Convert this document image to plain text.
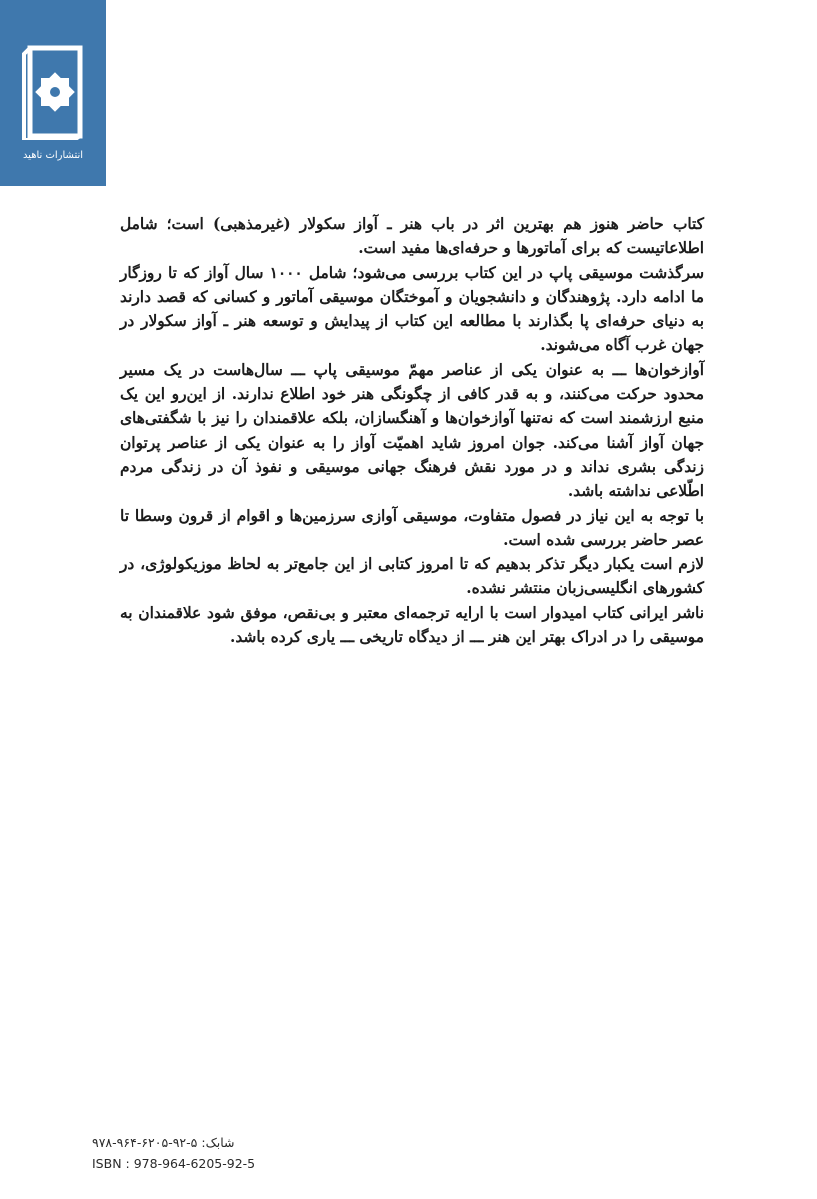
انتشارات ناهید

کتاب حاضر هنوز هم بهترین اثر در باب هنر ـ آواز سکولار (غیرمذهبی) است؛ شامل اطلاعاتیست که برای آماتورها و حرفه‌ای‌ها مفید است.

سرگذشت موسیقی پاپ در این کتاب بررسی می‌شود؛ شامل ۱۰۰۰ سال آواز که تا روزگار ما ادامه دارد. پژوهندگان و دانشجویان و آموختگان موسیقی آماتور و کسانی که قصد دارند به دنیای حرفه‌ای پا بگذارند با مطالعه این کتاب از پیدایش و توسعه هنر ـ آواز سکولار در جهان غرب آگاه می‌شوند.

آوازخوان‌ها ـــ به عنوان یکی از عناصر مهمّ موسیقی پاپ ـــ سال‌هاست در یک مسیر محدود حرکت می‌کنند، و به قدر کافی از چگونگی هنر خود اطلاع ندارند. از این‌رو این یک منبع ارزشمند است که نه‌تنها آوازخوان‌ها و آهنگسازان، بلکه علاقمندان را نیز با شگفتی‌های جهان آواز آشنا می‌کند. جوان امروز شاید اهمیّت آواز را به عنوان یکی از عناصر پرتوان زندگی بشری نداند و در مورد نقش فرهنگ جهانی موسیقی و نفوذ آن در زندگی مردم اطّلاعی نداشته باشد.

با توجه به این نیاز در فصول متفاوت، موسیقی آوازی سرزمین‌ها و اقوام از قرون وسطا تا عصر حاضر بررسی شده است.

لازم است یکبار دیگر تذکر بدهیم که تا امروز کتابی از این جامع‌تر به لحاظ موزیکولوژی، در کشورهای انگلیسی‌زبان منتشر نشده.

ناشر ایرانی کتاب امیدوار است با ارایه ترجمه‌ای معتبر و بی‌نقص، موفق شود علاقمندان به موسیقی را در ادراک بهتر این هنر ـــ از دیدگاه تاریخی ـــ یاری کرده باشد.

شابک: ۵-۹۲-۶۲۰۵-۹۶۴-۹۷۸
ISBN : 978-964-6205-92-5
